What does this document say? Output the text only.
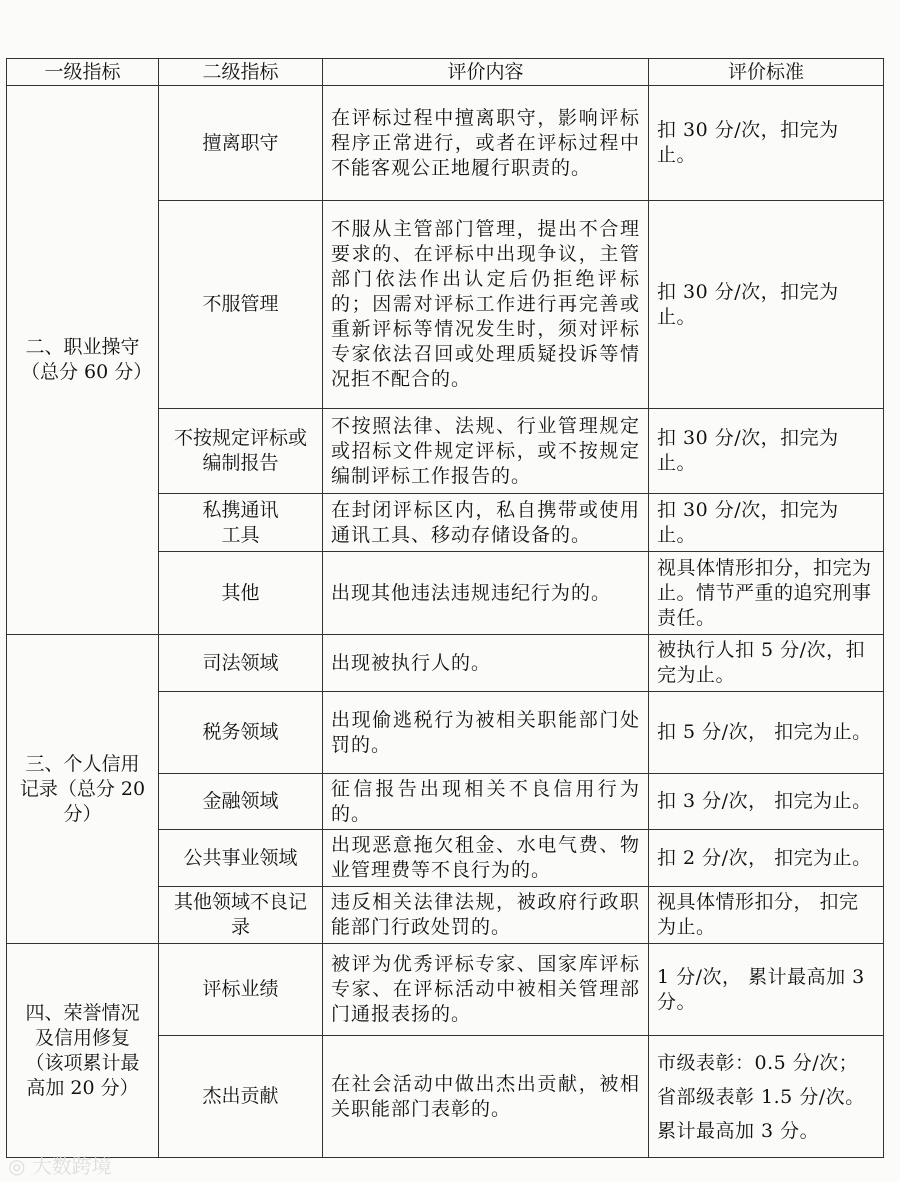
一级指标	二级指标	评价内容	评价标准
二、职业操守（总分 60 分）	擅离职守	在评标过程中擅离职守，影响评标程序正常进行，或者在评标过程中不能客观公正地履行职责的。	扣 30 分/次，扣完为止。
	不服管理	不服从主管部门管理，提出不合理要求的、在评标中出现争议，主管部门依法作出认定后仍拒绝评标的；因需对评标工作进行再完善或重新评标等情况发生时，须对评标专家依法召回或处理质疑投诉等情况拒不配合的。	扣 30 分/次，扣完为止。
	不按规定评标或编制报告	不按照法律、法规、行业管理规定或招标文件规定评标，或不按规定编制评标工作报告的。	扣 30 分/次，扣完为止。
	私携通讯工具	在封闭评标区内，私自携带或使用通讯工具、移动存储设备的。	扣 30 分/次，扣完为止。
	其他	出现其他违法违规违纪行为的。	视具体情形扣分，扣完为止。情节严重的追究刑事责任。
三、个人信用记录（总分 20 分）	司法领域	出现被执行人的。	被执行人扣 5 分/次，扣完为止。
	税务领域	出现偷逃税行为被相关职能部门处罚的。	扣 5 分/次， 扣完为止。
	金融领域	征信报告出现相关不良信用行为的。	扣 3 分/次， 扣完为止。
	公共事业领域	出现恶意拖欠租金、水电气费、物业管理费等不良行为的。	扣 2 分/次， 扣完为止。
	其他领域不良记录	违反相关法律法规，被政府行政职能部门行政处罚的。	视具体情形扣分， 扣完为止。
四、荣誉情况及信用修复（该项累计最高加 20 分）	评标业绩	被评为优秀评标专家、国家库评标专家、在评标活动中被相关管理部门通报表扬的。	1 分/次， 累计最高加 3 分。
	杰出贡献	在社会活动中做出杰出贡献，被相关职能部门表彰的。	市级表彰：0.5 分/次；省部级表彰 1.5 分/次。累计最高加 3 分。
◎ 大数跨境
